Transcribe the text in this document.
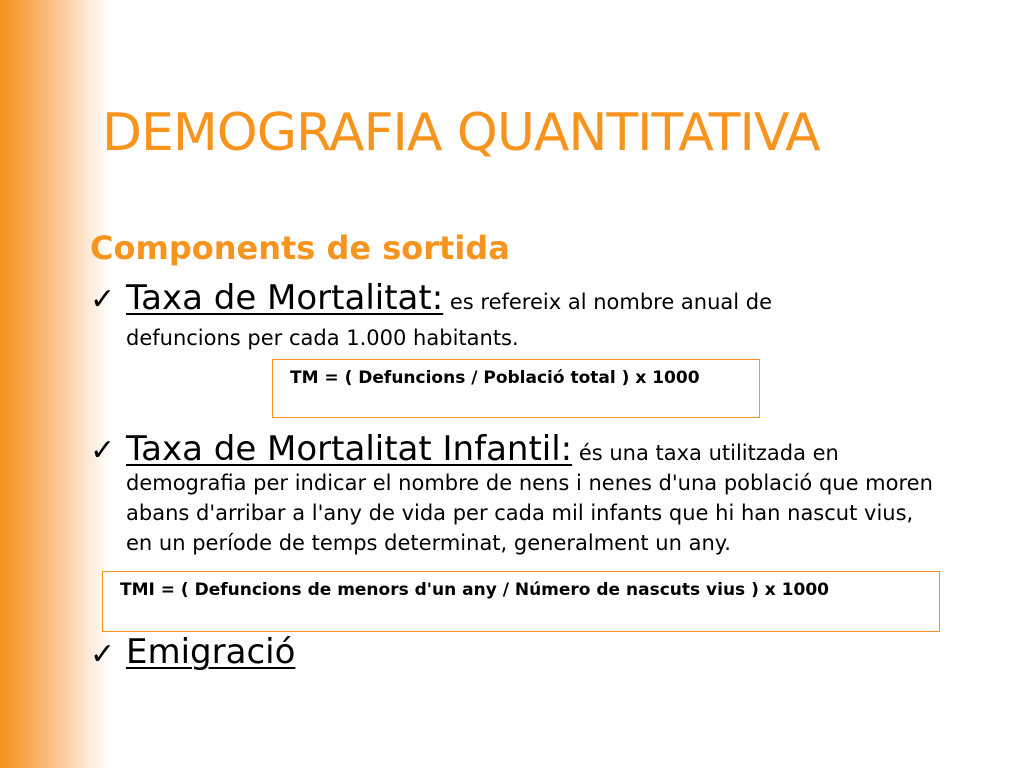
DEMOGRAFIA QUANTITATIVA
Components de sortida
✓ Taxa de Mortalitat: es refereix al nombre anual de defuncions per cada 1.000 habitants.
TM = ( Defuncions / Població total ) x 1000
✓ Taxa de Mortalitat Infantil: és una taxa utilitzada en demografia per indicar el nombre de nens i nenes d'una població que moren abans d'arribar a l'any de vida per cada mil infants que hi han nascut vius, en un període de temps determinat, generalment un any.
TMI = ( Defuncions de menors d'un any / Número de nascuts vius ) x 1000
✓ Emigració
